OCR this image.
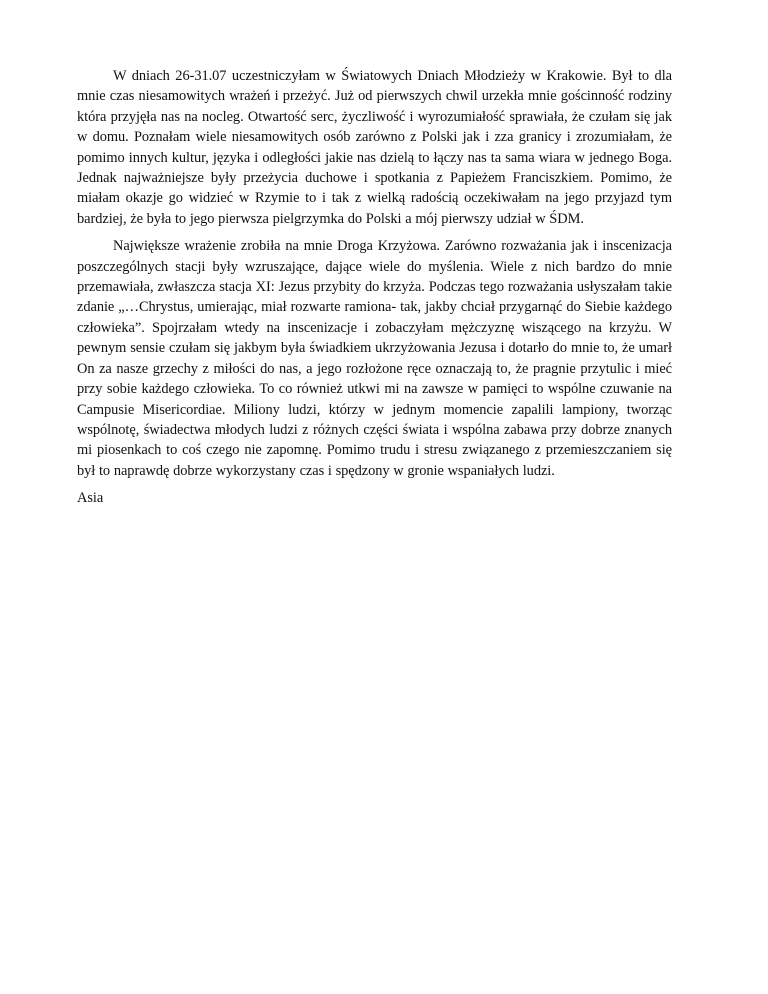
W dniach 26-31.07 uczestniczyłam w Światowych Dniach Młodzieży w Krakowie. Był to dla mnie czas niesamowitych wrażeń i przeżyć. Już od pierwszych chwil urzekła mnie gościnność rodziny która przyjęła nas na nocleg. Otwartość serc, życzliwość i wyrozumiałość sprawiała, że czułam się jak w domu. Poznałam wiele niesamowitych osób zarówno z Polski jak i zza granicy i zrozumiałam, że pomimo innych kultur, języka i odległości jakie nas dzielą to łączy nas ta sama wiara w jednego Boga. Jednak najważniejsze były przeżycia duchowe i spotkania z Papieżem Franciszkiem. Pomimo, że miałam okazje go widzieć w Rzymie to i tak z wielką radością oczekiwałam na jego przyjazd tym bardziej, że była to jego pierwsza pielgrzymka do Polski a mój pierwszy udział w ŚDM.

Największe wrażenie zrobiła na mnie Droga Krzyżowa. Zarówno rozważania jak i inscenizacja poszczególnych stacji były wzruszające, dające wiele do myślenia. Wiele z nich bardzo do mnie przemawiała, zwłaszcza stacja XI: Jezus przybity do krzyża. Podczas tego rozważania usłyszałam takie zdanie „…Chrystus, umierając, miał rozwarte ramiona- tak, jakby chciał przygarnąć do Siebie każdego człowieka”. Spojrzałam wtedy na inscenizacje i zobaczyłam mężczyznę wiszącego na krzyżu. W pewnym sensie czułam się jakbym była świadkiem ukrzyżowania Jezusa i dotarło do mnie to, że umarł On za nasze grzechy z miłości do nas, a jego rozłożone ręce oznaczają to, że pragnie przytulic i mieć przy sobie każdego człowieka. To co również utkwi mi na zawsze w pamięci to wspólne czuwanie na Campusie Misericordiae. Miliony ludzi, którzy w jednym momencie zapalili lampiony, tworząc wspólnotę, świadectwa młodych ludzi z różnych części świata i wspólna zabawa przy dobrze znanych mi piosenkach to coś czego nie zapomnę. Pomimo trudu i stresu związanego z przemieszczaniem się był to naprawdę dobrze wykorzystany czas i spędzony w gronie wspaniałych ludzi.

Asia
